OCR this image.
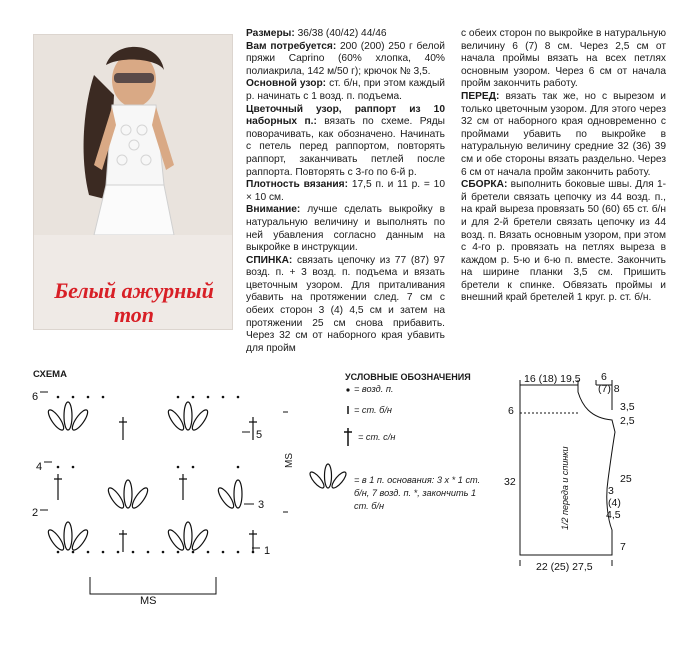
Белый ажурный
топ

Размеры: 36/38 (40/42) 44/46

Вам потребуется: 200 (200) 250 г белой пряжи Caprino (60% хлопка, 40% полиакрила, 142 м/50 г); крючок № 3,5.

Основной узор: ст. б/н, при этом каждый р. начинать с 1 возд. п. подъема.

Цветочный узор, раппорт из 10 наборных п.: вязать по схеме. Ряды поворачивать, как обозначено. Начинать с петель перед раппортом, повторять раппорт, заканчивать петлей после раппорта. Повторять с 3-го по 6-й р.

Плотность вязания: 17,5 п. и 11 р. = 10 × 10 см.

Внимание: лучше сделать выкройку в натуральную величину и выполнять по ней убавления согласно данным на выкройке в инструкции.

СПИНКА: связать цепочку из 77 (87) 97 возд. п. + 3 возд. п. подъема и вязать цветочным узором. Для приталивания убавить на протяжении след. 7 см с обеих сторон 3 (4) 4,5 см и затем на протяжении 25 см снова прибавить. Через 32 см от наборного края убавить для пройм

с обеих сторон по выкройке в натуральную величину 6 (7) 8 см. Через 2,5 см от начала проймы вязать на всех петлях основным узором. Через 6 см от начала пройм закончить работу.

ПЕРЕД: вязать так же, но с вырезом и только цветочным узором. Для этого через 32 см от наборного края одновременно с проймами убавить по выкройке в натуральную величину средние 32 (36) 39 см и обе стороны вязать раздельно. Через 6 см от начала пройм закончить работу.

СБОРКА: выполнить боковые швы. Для 1-й бретели связать цепочку из 44 возд. п., на край выреза провязать 50 (60) 65 ст. б/н и для 2-й бретели связать цепочку из 44 возд. п. Вязать основным узором, при этом с 4-го р. провязать на петлях выреза в каждом р. 5-ю и 6-ю п. вместе. Закончить на ширине планки 3,5 см. Пришить бретели к спинке. Обвязать проймы и внешний край бретелей 1 круг. р. ст. б/н.

СХЕМА
6
5
4
3
2
1
MS
MS
УСЛОВНЫЕ ОБОЗНАЧЕНИЯ
= возд. п.
= ст. б/н
= ст. с/н
= в 1 п. основания: 3 х * 1 ст. б/н, 7 возд. п. *, закончить 1 ст. б/н
16 (18) 19,5 6
(7) 8
6	3,5
2,5
32	25
3
(4)
4,5
7
22 (25) 27,5
1/2 переда и спинки
